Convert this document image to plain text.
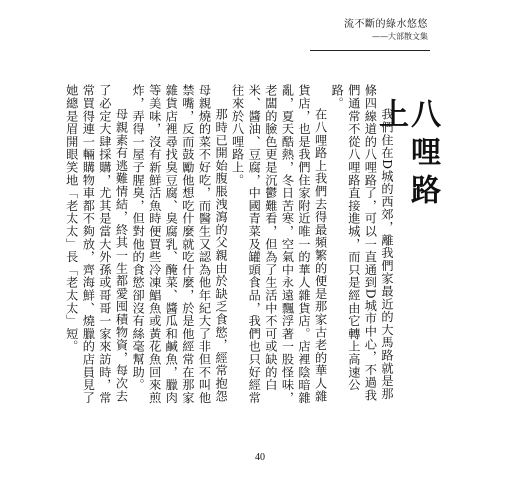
流不斷的綠水悠悠
——大部散文集
八哩路上

我們住在D城的西郊，離我們家最近的大馬路就是那條四線道的八哩路了，可以一直通到D城市中心，不過我們通常不從八哩路直接進城，而只是經由它轉上高速公路。

在八哩路上我們去得最頻繁的便是那家古老的華人雜貨店，也是我們住家附近唯一的華人雜貨店。店裡陰暗雜亂，夏天酷熱，冬日苦寒，空氣中永遠飄浮著一股怪味，老闆的臉色更是沉鬱難看，但為了生活中不可或缺的白米、醬油、豆腐，中國青菜及罐頭食品，我們也只好經常往來於八哩路上。

那時已開始腹脹洩瀉的父親由於缺乏食慾，經常抱怨母親燒的菜不好吃，而醫生又認為他年紀大了非但不叫他禁嘴，反而鼓勵他想吃什麼就吃什麼，於是他經常在那家雜貨店裡尋找臭豆腐、臭腐乳、醃菜、醬瓜和鹹魚，臘肉等美味，沒有新鮮活魚時便買些冷凍鯧魚或黃花魚回來煎炸，弄得一屋子腥臭，但對他的食慾卻沒有絲毫幫助。

母親素有逃難情結，終其一生都愛囤積物資，每次去了必定大肆採購，尤其是當大外孫或哥哥一家來訪時，常常買得連一輛購物車都不夠放，齊海鮮、燒臘的店員見了她總是眉開眼笑地「老太太」長「老太太」短。

40
